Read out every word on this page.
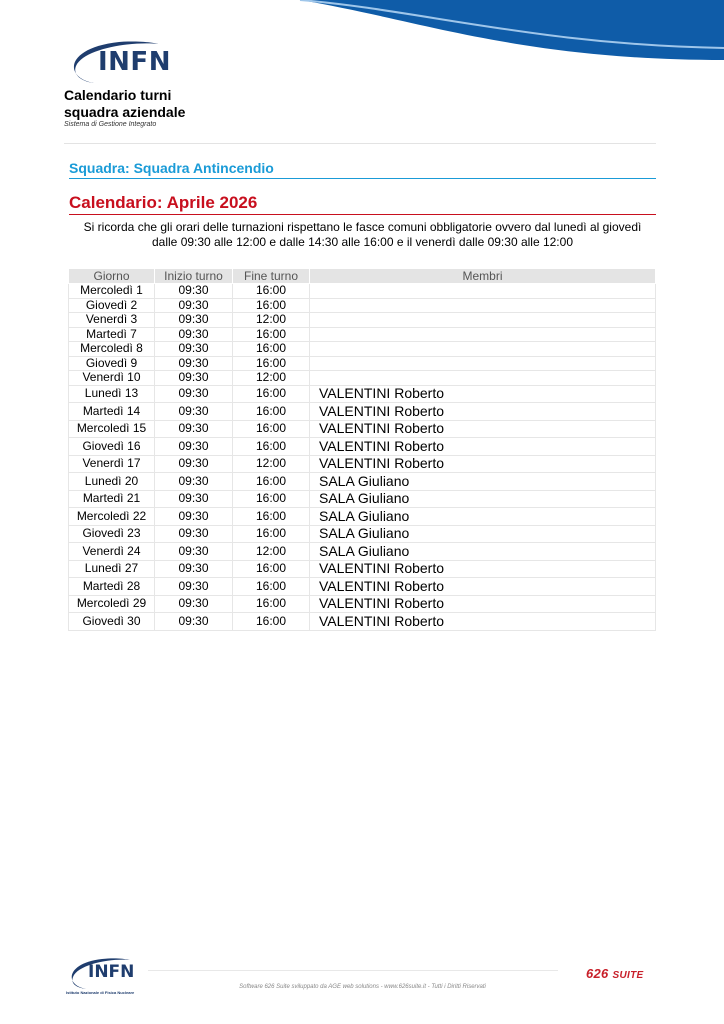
INFN
Calendario turni
squadra aziendale
Sistema di Gestione Integrato
Squadra: Squadra Antincendio
Calendario: Aprile 2026
Si ricorda che gli orari delle turnazioni rispettano le fasce comuni obbligatorie ovvero dal lunedì al giovedì
dalle 09:30 alle 12:00 e dalle 14:30 alle 16:00 e il venerdì dalle 09:30 alle 12:00
Giorno	Inizio turno	Fine turno	Membri
Mercoledì 1	09:30	16:00	
Giovedì 2	09:30	16:00	
Venerdì 3	09:30	12:00	
Martedì 7	09:30	16:00	
Mercoledì 8	09:30	16:00	
Giovedì 9	09:30	16:00	
Venerdì 10	09:30	12:00	
Lunedì 13	09:30	16:00	VALENTINI Roberto
Martedì 14	09:30	16:00	VALENTINI Roberto
Mercoledì 15	09:30	16:00	VALENTINI Roberto
Giovedì 16	09:30	16:00	VALENTINI Roberto
Venerdì 17	09:30	12:00	VALENTINI Roberto
Lunedì 20	09:30	16:00	SALA Giuliano
Martedì 21	09:30	16:00	SALA Giuliano
Mercoledì 22	09:30	16:00	SALA Giuliano
Giovedì 23	09:30	16:00	SALA Giuliano
Venerdì 24	09:30	12:00	SALA Giuliano
Lunedì 27	09:30	16:00	VALENTINI Roberto
Martedì 28	09:30	16:00	VALENTINI Roberto
Mercoledì 29	09:30	16:00	VALENTINI Roberto
Giovedì 30	09:30	16:00	VALENTINI Roberto
INFN
Istituto Nazionale di Fisica Nucleare
Software 626 Suite sviluppato da AGE web solutions - www.626suite.it - Tutti i Diritti Riservati
626 SUITE
